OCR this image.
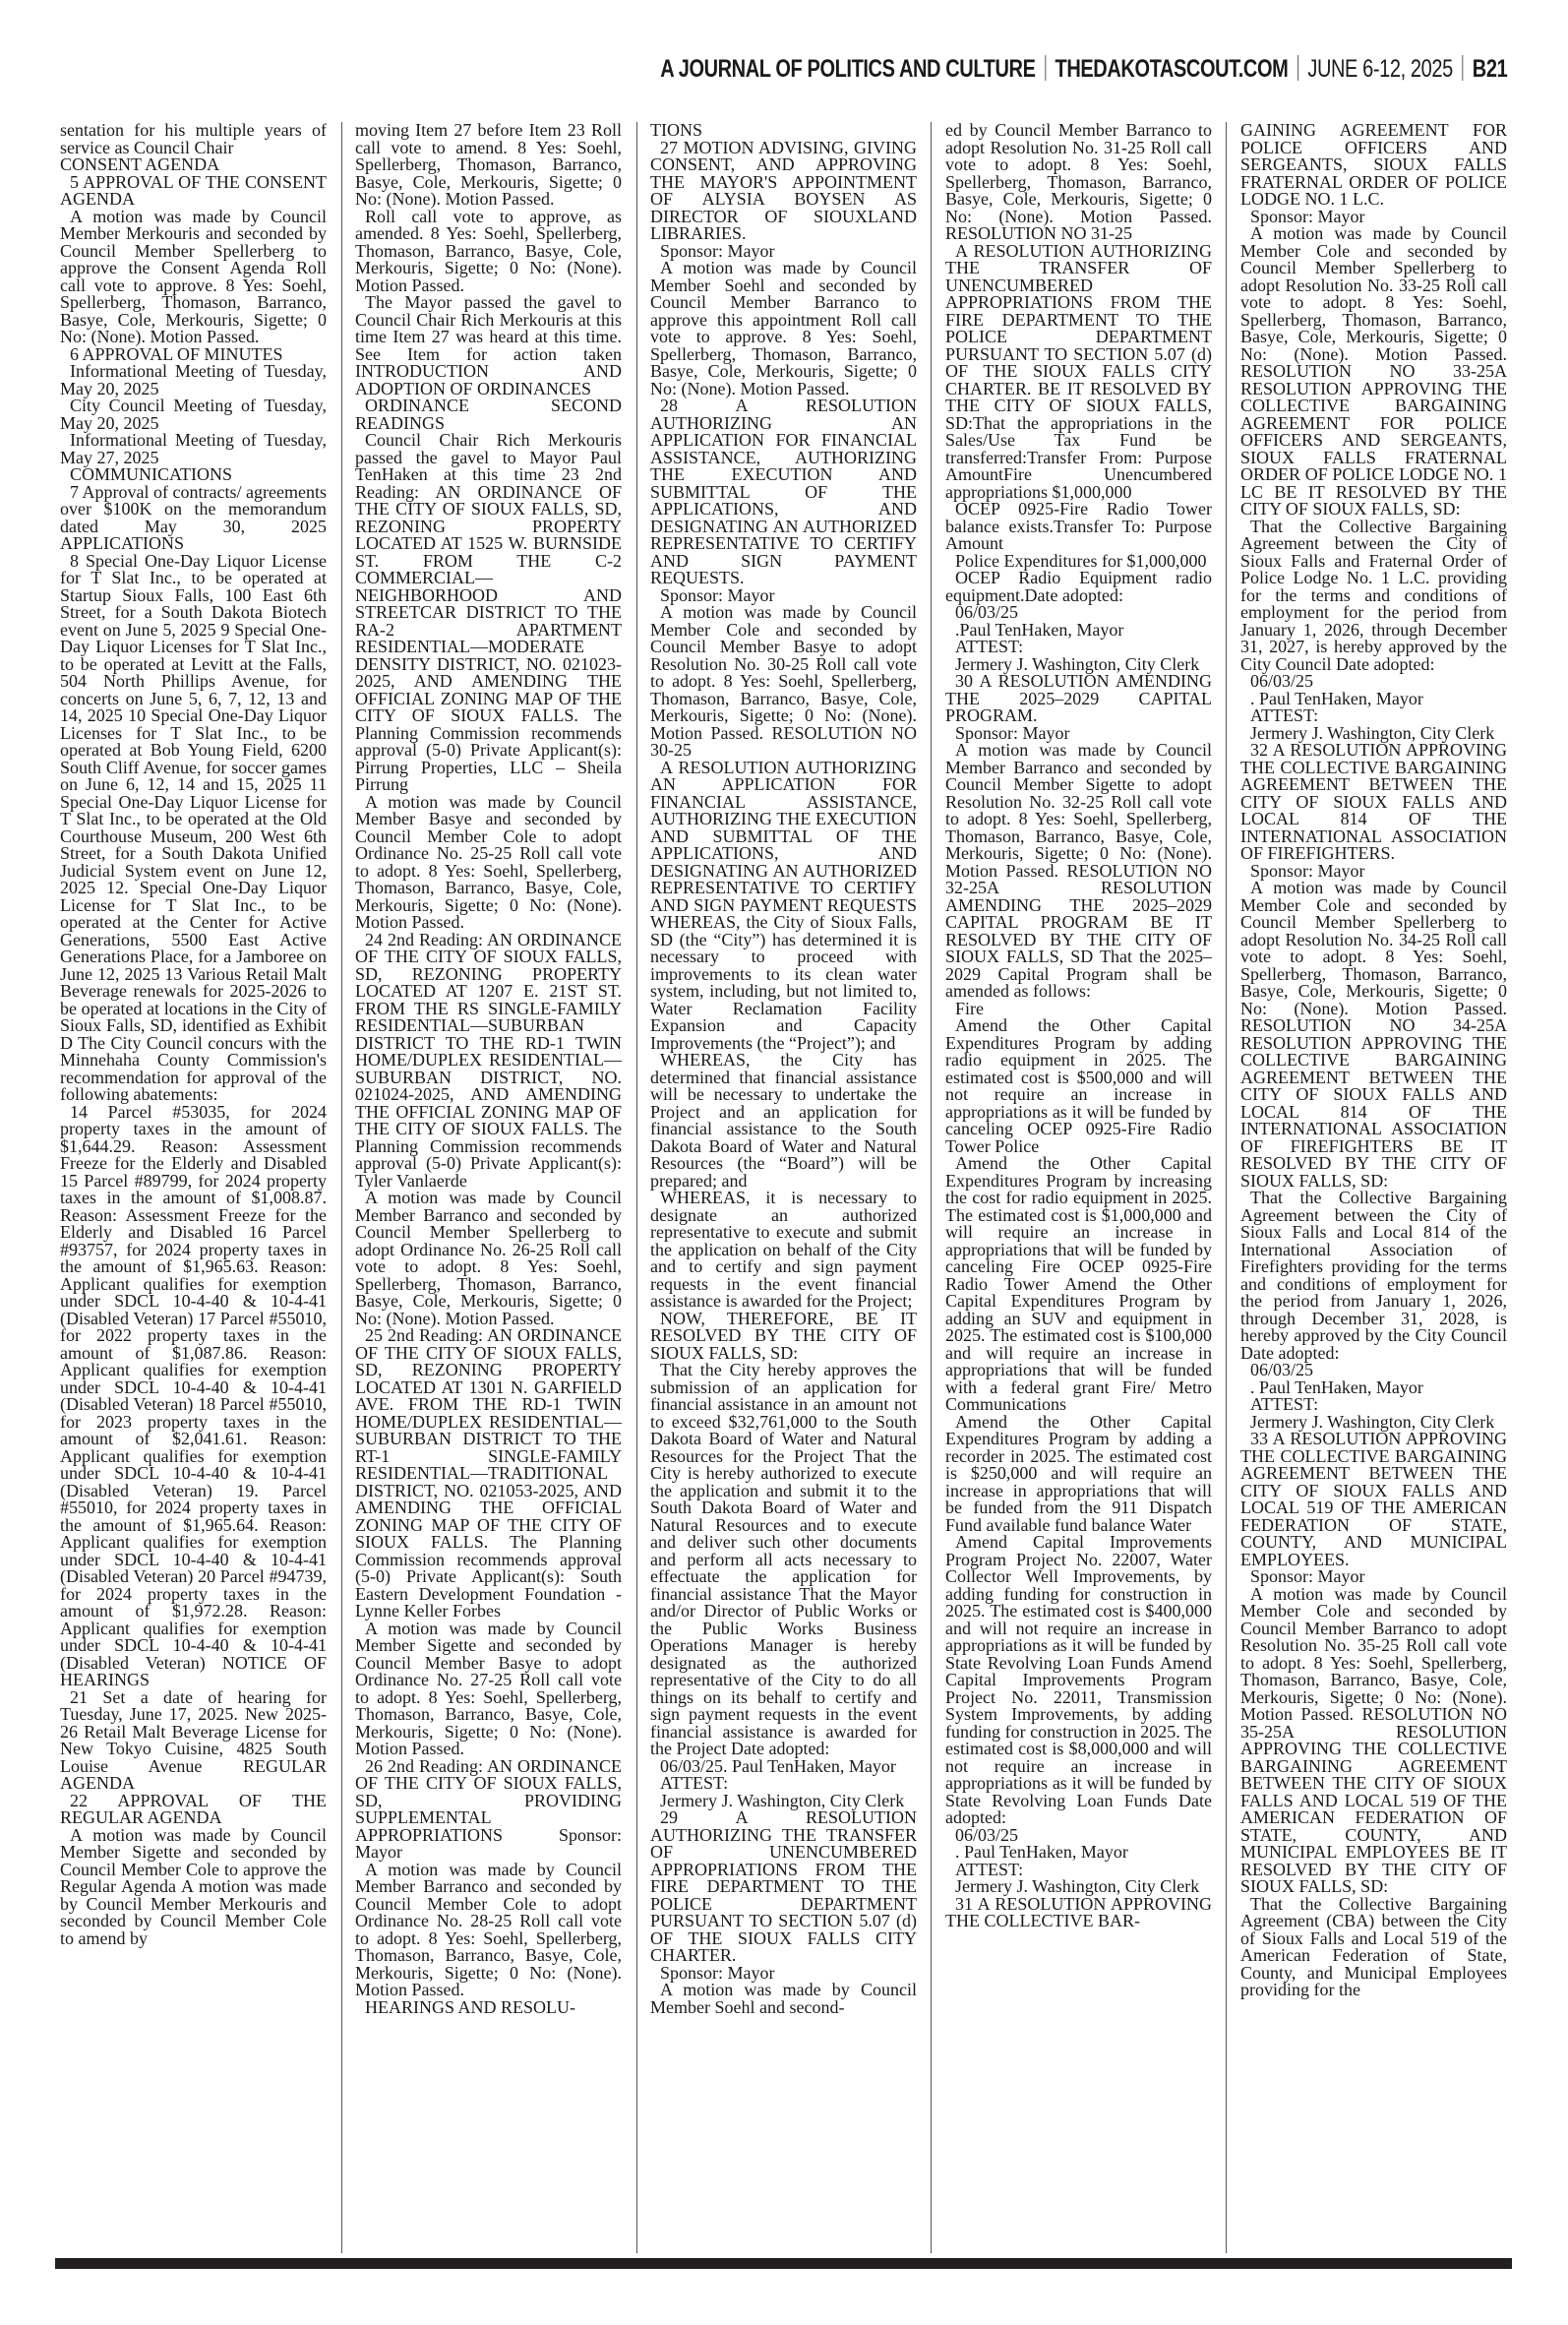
A JOURNAL OF POLITICS AND CULTURE THEDAKOTASCOUT.COM JUNE 6-12, 2025 B21

sentation for his multiple years of service as Council Chair

CONSENT AGENDA

5 APPROVAL OF THE CONSENT AGENDA

A motion was made by Council Member Merkouris and seconded by Council Member Spellerberg to approve the Consent Agenda Roll call vote to approve. 8 Yes: Soehl, Spellerberg, Thomason, Barranco, Basye, Cole, Merkouris, Sigette; 0 No: (None). Motion Passed.

6 APPROVAL OF MINUTES

Informational Meeting of Tuesday, May 20, 2025

City Council Meeting of Tuesday, May 20, 2025

Informational Meeting of Tuesday, May 27, 2025

COMMUNICATIONS

7 Approval of contracts/ agreements over $100K on the memorandum dated May 30, 2025 APPLICATIONS

8 Special One-Day Liquor License for T Slat Inc., to be operated at Startup Sioux Falls, 100 East 6th Street, for a South Dakota Biotech event on June 5, 2025 9 Special One-Day Liquor Licenses for T Slat Inc., to be operated at Levitt at the Falls, 504 North Phillips Avenue, for concerts on June 5, 6, 7, 12, 13 and 14, 2025 10 Special One-Day Liquor Licenses for T Slat Inc., to be operated at Bob Young Field, 6200 South Cliff Avenue, for soccer games on June 6, 12, 14 and 15, 2025 11 Special One-Day Liquor License for T Slat Inc., to be operated at the Old Courthouse Museum, 200 West 6th Street, for a South Dakota Unified Judicial System event on June 12, 2025 12. Special One-Day Liquor License for T Slat Inc., to be operated at the Center for Active Generations, 5500 East Active Generations Place, for a Jamboree on June 12, 2025 13 Various Retail Malt Beverage renewals for 2025-2026 to be operated at locations in the City of Sioux Falls, SD, identified as Exhibit D The City Council concurs with the Minnehaha County Commission's recommendation for approval of the following abatements:

14 Parcel #53035, for 2024 property taxes in the amount of $1,644.29. Reason: Assessment Freeze for the Elderly and Disabled 15 Parcel #89799, for 2024 property taxes in the amount of $1,008.87. Reason: Assessment Freeze for the Elderly and Disabled 16 Parcel #93757, for 2024 property taxes in the amount of $1,965.63. Reason: Applicant qualifies for exemption under SDCL 10-4-40 & 10-4-41 (Disabled Veteran) 17 Parcel #55010, for 2022 property taxes in the amount of $1,087.86. Reason: Applicant qualifies for exemption under SDCL 10-4-40 & 10-4-41 (Disabled Veteran) 18 Parcel #55010, for 2023 property taxes in the amount of $2,041.61. Reason: Applicant qualifies for exemption under SDCL 10-4-40 & 10-4-41 (Disabled Veteran) 19. Parcel #55010, for 2024 property taxes in the amount of $1,965.64. Reason: Applicant qualifies for exemption under SDCL 10-4-40 & 10-4-41 (Disabled Veteran) 20 Parcel #94739, for 2024 property taxes in the amount of $1,972.28. Reason: Applicant qualifies for exemption under SDCL 10-4-40 & 10-4-41 (Disabled Veteran) NOTICE OF HEARINGS

21 Set a date of hearing for Tuesday, June 17, 2025. New 2025-26 Retail Malt Beverage License for New Tokyo Cuisine, 4825 South Louise Avenue REGULAR AGENDA

22 APPROVAL OF THE REGULAR AGENDA

A motion was made by Council Member Sigette and seconded by Council Member Cole to approve the Regular Agenda A motion was made by Council Member Merkouris and seconded by Council Member Cole to amend by

moving Item 27 before Item 23 Roll call vote to amend. 8 Yes: Soehl, Spellerberg, Thomason, Barranco, Basye, Cole, Merkouris, Sigette; 0 No: (None). Motion Passed.

Roll call vote to approve, as amended. 8 Yes: Soehl, Spellerberg, Thomason, Barranco, Basye, Cole, Merkouris, Sigette; 0 No: (None). Motion Passed.

The Mayor passed the gavel to Council Chair Rich Merkouris at this time Item 27 was heard at this time. See Item for action taken INTRODUCTION AND ADOPTION OF ORDINANCES

ORDINANCE SECOND READINGS

Council Chair Rich Merkouris passed the gavel to Mayor Paul TenHaken at this time 23 2nd Reading: AN ORDINANCE OF THE CITY OF SIOUX FALLS, SD, REZONING PROPERTY LOCATED AT 1525 W. BURNSIDE ST. FROM THE C-2 COMMERCIAL—NEIGHBORHOOD AND STREETCAR DISTRICT TO THE RA-2 APARTMENT RESIDENTIAL—MODERATE DENSITY DISTRICT, NO. 021023-2025, AND AMENDING THE OFFICIAL ZONING MAP OF THE CITY OF SIOUX FALLS. The Planning Commission recommends approval (5-0) Private Applicant(s): Pirrung Properties, LLC – Sheila Pirrung

A motion was made by Council Member Basye and seconded by Council Member Cole to adopt Ordinance No. 25-25 Roll call vote to adopt. 8 Yes: Soehl, Spellerberg, Thomason, Barranco, Basye, Cole, Merkouris, Sigette; 0 No: (None). Motion Passed.

24 2nd Reading: AN ORDINANCE OF THE CITY OF SIOUX FALLS, SD, REZONING PROPERTY LOCATED AT 1207 E. 21ST ST. FROM THE RS SINGLE-FAMILY RESIDENTIAL—SUBURBAN DISTRICT TO THE RD-1 TWIN HOME/DUPLEX RESIDENTIAL—SUBURBAN DISTRICT, NO. 021024-2025, AND AMENDING THE OFFICIAL ZONING MAP OF THE CITY OF SIOUX FALLS. The Planning Commission recommends approval (5-0) Private Applicant(s): Tyler Vanlaerde

A motion was made by Council Member Barranco and seconded by Council Member Spellerberg to adopt Ordinance No. 26-25 Roll call vote to adopt. 8 Yes: Soehl, Spellerberg, Thomason, Barranco, Basye, Cole, Merkouris, Sigette; 0 No: (None). Motion Passed.

25 2nd Reading: AN ORDINANCE OF THE CITY OF SIOUX FALLS, SD, REZONING PROPERTY LOCATED AT 1301 N. GARFIELD AVE. FROM THE RD-1 TWIN HOME/DUPLEX RESIDENTIAL—SUBURBAN DISTRICT TO THE RT-1 SINGLE-FAMILY RESIDENTIAL—TRADITIONAL DISTRICT, NO. 021053-2025, AND AMENDING THE OFFICIAL ZONING MAP OF THE CITY OF SIOUX FALLS. The Planning Commission recommends approval (5-0) Private Applicant(s): South Eastern Development Foundation - Lynne Keller Forbes

A motion was made by Council Member Sigette and seconded by Council Member Basye to adopt Ordinance No. 27-25 Roll call vote to adopt. 8 Yes: Soehl, Spellerberg, Thomason, Barranco, Basye, Cole, Merkouris, Sigette; 0 No: (None). Motion Passed.

26 2nd Reading: AN ORDINANCE OF THE CITY OF SIOUX FALLS, SD, PROVIDING SUPPLEMENTAL APPROPRIATIONS Sponsor: Mayor

A motion was made by Council Member Barranco and seconded by Council Member Cole to adopt Ordinance No. 28-25 Roll call vote to adopt. 8 Yes: Soehl, Spellerberg, Thomason, Barranco, Basye, Cole, Merkouris, Sigette; 0 No: (None). Motion Passed.

HEARINGS AND RESOLU-

TIONS

27 MOTION ADVISING, GIVING CONSENT, AND APPROVING THE MAYOR'S APPOINTMENT OF ALYSIA BOYSEN AS DIRECTOR OF SIOUXLAND LIBRARIES.

Sponsor: Mayor

A motion was made by Council Member Soehl and seconded by Council Member Barranco to approve this appointment Roll call vote to approve. 8 Yes: Soehl, Spellerberg, Thomason, Barranco, Basye, Cole, Merkouris, Sigette; 0 No: (None). Motion Passed.

28 A RESOLUTION AUTHORIZING AN APPLICATION FOR FINANCIAL ASSISTANCE, AUTHORIZING THE EXECUTION AND SUBMITTAL OF THE APPLICATIONS, AND DESIGNATING AN AUTHORIZED REPRESENTATIVE TO CERTIFY AND SIGN PAYMENT REQUESTS.

Sponsor: Mayor

A motion was made by Council Member Cole and seconded by Council Member Basye to adopt Resolution No. 30-25 Roll call vote to adopt. 8 Yes: Soehl, Spellerberg, Thomason, Barranco, Basye, Cole, Merkouris, Sigette; 0 No: (None). Motion Passed. RESOLUTION NO 30-25

A RESOLUTION AUTHORIZING AN APPLICATION FOR FINANCIAL ASSISTANCE, AUTHORIZING THE EXECUTION AND SUBMITTAL OF THE APPLICATIONS, AND DESIGNATING AN AUTHORIZED REPRESENTATIVE TO CERTIFY AND SIGN PAYMENT REQUESTS WHEREAS, the City of Sioux Falls, SD (the “City”) has determined it is necessary to proceed with improvements to its clean water system, including, but not limited to, Water Reclamation Facility Expansion and Capacity Improvements (the “Project”); and

WHEREAS, the City has determined that financial assistance will be necessary to undertake the Project and an application for financial assistance to the South Dakota Board of Water and Natural Resources (the “Board”) will be prepared; and

WHEREAS, it is necessary to designate an authorized representative to execute and submit the application on behalf of the City and to certify and sign payment requests in the event financial assistance is awarded for the Project;

NOW, THEREFORE, BE IT RESOLVED BY THE CITY OF SIOUX FALLS, SD:

That the City hereby approves the submission of an application for financial assistance in an amount not to exceed $32,761,000 to the South Dakota Board of Water and Natural Resources for the Project That the City is hereby authorized to execute the application and submit it to the South Dakota Board of Water and Natural Resources and to execute and deliver such other documents and perform all acts necessary to effectuate the application for financial assistance That the Mayor and/or Director of Public Works or the Public Works Business Operations Manager is hereby designated as the authorized representative of the City to do all things on its behalf to certify and sign payment requests in the event financial assistance is awarded for the Project Date adopted:

06/03/25. Paul TenHaken, Mayor

ATTEST:

Jermery J. Washington, City Clerk

29 A RESOLUTION AUTHORIZING THE TRANSFER OF UNENCUMBERED APPROPRIATIONS FROM THE FIRE DEPARTMENT TO THE POLICE DEPARTMENT PURSUANT TO SECTION 5.07 (d) OF THE SIOUX FALLS CITY CHARTER.

Sponsor: Mayor

A motion was made by Council Member Soehl and second-

ed by Council Member Barranco to adopt Resolution No. 31-25 Roll call vote to adopt. 8 Yes: Soehl, Spellerberg, Thomason, Barranco, Basye, Cole, Merkouris, Sigette; 0 No: (None). Motion Passed. RESOLUTION NO 31-25

A RESOLUTION AUTHORIZING THE TRANSFER OF UNENCUMBERED APPROPRIATIONS FROM THE FIRE DEPARTMENT TO THE POLICE DEPARTMENT PURSUANT TO SECTION 5.07 (d) OF THE SIOUX FALLS CITY CHARTER. BE IT RESOLVED BY THE CITY OF SIOUX FALLS, SD:That the appropriations in the Sales/Use Tax Fund be transferred:Transfer From: Purpose AmountFire Unencumbered appropriations $1,000,000

OCEP 0925-Fire Radio Tower balance exists.Transfer To: Purpose Amount

Police Expenditures for $1,000,000

OCEP Radio Equipment radio equipment.Date adopted:

06/03/25

.Paul TenHaken, Mayor

ATTEST:

Jermery J. Washington, City Clerk

30 A RESOLUTION AMENDING THE 2025–2029 CAPITAL PROGRAM.

Sponsor: Mayor

A motion was made by Council Member Barranco and seconded by Council Member Sigette to adopt Resolution No. 32-25 Roll call vote to adopt. 8 Yes: Soehl, Spellerberg, Thomason, Barranco, Basye, Cole, Merkouris, Sigette; 0 No: (None). Motion Passed. RESOLUTION NO 32-25A RESOLUTION AMENDING THE 2025–2029 CAPITAL PROGRAM BE IT RESOLVED BY THE CITY OF SIOUX FALLS, SD That the 2025–2029 Capital Program shall be amended as follows:

Fire

Amend the Other Capital Expenditures Program by adding radio equipment in 2025. The estimated cost is $500,000 and will not require an increase in appropriations as it will be funded by canceling OCEP 0925-Fire Radio Tower Police

Amend the Other Capital Expenditures Program by increasing the cost for radio equipment in 2025. The estimated cost is $1,000,000 and will require an increase in appropriations that will be funded by canceling Fire OCEP 0925-Fire Radio Tower Amend the Other Capital Expenditures Program by adding an SUV and equipment in 2025. The estimated cost is $100,000 and will require an increase in appropriations that will be funded with a federal grant Fire/ Metro Communications

Amend the Other Capital Expenditures Program by adding a recorder in 2025. The estimated cost is $250,000 and will require an increase in appropriations that will be funded from the 911 Dispatch Fund available fund balance Water

Amend Capital Improvements Program Project No. 22007, Water Collector Well Improvements, by adding funding for construction in 2025. The estimated cost is $400,000 and will not require an increase in appropriations as it will be funded by State Revolving Loan Funds Amend Capital Improvements Program Project No. 22011, Transmission System Improvements, by adding funding for construction in 2025. The estimated cost is $8,000,000 and will not require an increase in appropriations as it will be funded by State Revolving Loan Funds Date adopted:

06/03/25

. Paul TenHaken, Mayor

ATTEST:

Jermery J. Washington, City Clerk

31 A RESOLUTION APPROVING THE COLLECTIVE BAR-

GAINING AGREEMENT FOR POLICE OFFICERS AND SERGEANTS, SIOUX FALLS FRATERNAL ORDER OF POLICE LODGE NO. 1 L.C.

Sponsor: Mayor

A motion was made by Council Member Cole and seconded by Council Member Spellerberg to adopt Resolution No. 33-25 Roll call vote to adopt. 8 Yes: Soehl, Spellerberg, Thomason, Barranco, Basye, Cole, Merkouris, Sigette; 0 No: (None). Motion Passed. RESOLUTION NO 33-25A RESOLUTION APPROVING THE COLLECTIVE BARGAINING AGREEMENT FOR POLICE OFFICERS AND SERGEANTS, SIOUX FALLS FRATERNAL ORDER OF POLICE LODGE NO. 1 LC BE IT RESOLVED BY THE CITY OF SIOUX FALLS, SD:

That the Collective Bargaining Agreement between the City of Sioux Falls and Fraternal Order of Police Lodge No. 1 L.C. providing for the terms and conditions of employment for the period from January 1, 2026, through December 31, 2027, is hereby approved by the City Council Date adopted:

06/03/25

. Paul TenHaken, Mayor

ATTEST:

Jermery J. Washington, City Clerk

32 A RESOLUTION APPROVING THE COLLECTIVE BARGAINING AGREEMENT BETWEEN THE CITY OF SIOUX FALLS AND LOCAL 814 OF THE INTERNATIONAL ASSOCIATION OF FIREFIGHTERS.

Sponsor: Mayor

A motion was made by Council Member Cole and seconded by Council Member Spellerberg to adopt Resolution No. 34-25 Roll call vote to adopt. 8 Yes: Soehl, Spellerberg, Thomason, Barranco, Basye, Cole, Merkouris, Sigette; 0 No: (None). Motion Passed. RESOLUTION NO 34-25A RESOLUTION APPROVING THE COLLECTIVE BARGAINING AGREEMENT BETWEEN THE CITY OF SIOUX FALLS AND LOCAL 814 OF THE INTERNATIONAL ASSOCIATION OF FIREFIGHTERS BE IT RESOLVED BY THE CITY OF SIOUX FALLS, SD:

That the Collective Bargaining Agreement between the City of Sioux Falls and Local 814 of the International Association of Firefighters providing for the terms and conditions of employment for the period from January 1, 2026, through December 31, 2028, is hereby approved by the City Council Date adopted:

06/03/25

. Paul TenHaken, Mayor

ATTEST:

Jermery J. Washington, City Clerk

33 A RESOLUTION APPROVING THE COLLECTIVE BARGAINING AGREEMENT BETWEEN THE CITY OF SIOUX FALLS AND LOCAL 519 OF THE AMERICAN FEDERATION OF STATE, COUNTY, AND MUNICIPAL EMPLOYEES.

Sponsor: Mayor

A motion was made by Council Member Cole and seconded by Council Member Barranco to adopt Resolution No. 35-25 Roll call vote to adopt. 8 Yes: Soehl, Spellerberg, Thomason, Barranco, Basye, Cole, Merkouris, Sigette; 0 No: (None). Motion Passed. RESOLUTION NO 35-25A RESOLUTION APPROVING THE COLLECTIVE BARGAINING AGREEMENT BETWEEN THE CITY OF SIOUX FALLS AND LOCAL 519 OF THE AMERICAN FEDERATION OF STATE, COUNTY, AND MUNICIPAL EMPLOYEES BE IT RESOLVED BY THE CITY OF SIOUX FALLS, SD:

That the Collective Bargaining Agreement (CBA) between the City of Sioux Falls and Local 519 of the American Federation of State, County, and Municipal Employees providing for the
